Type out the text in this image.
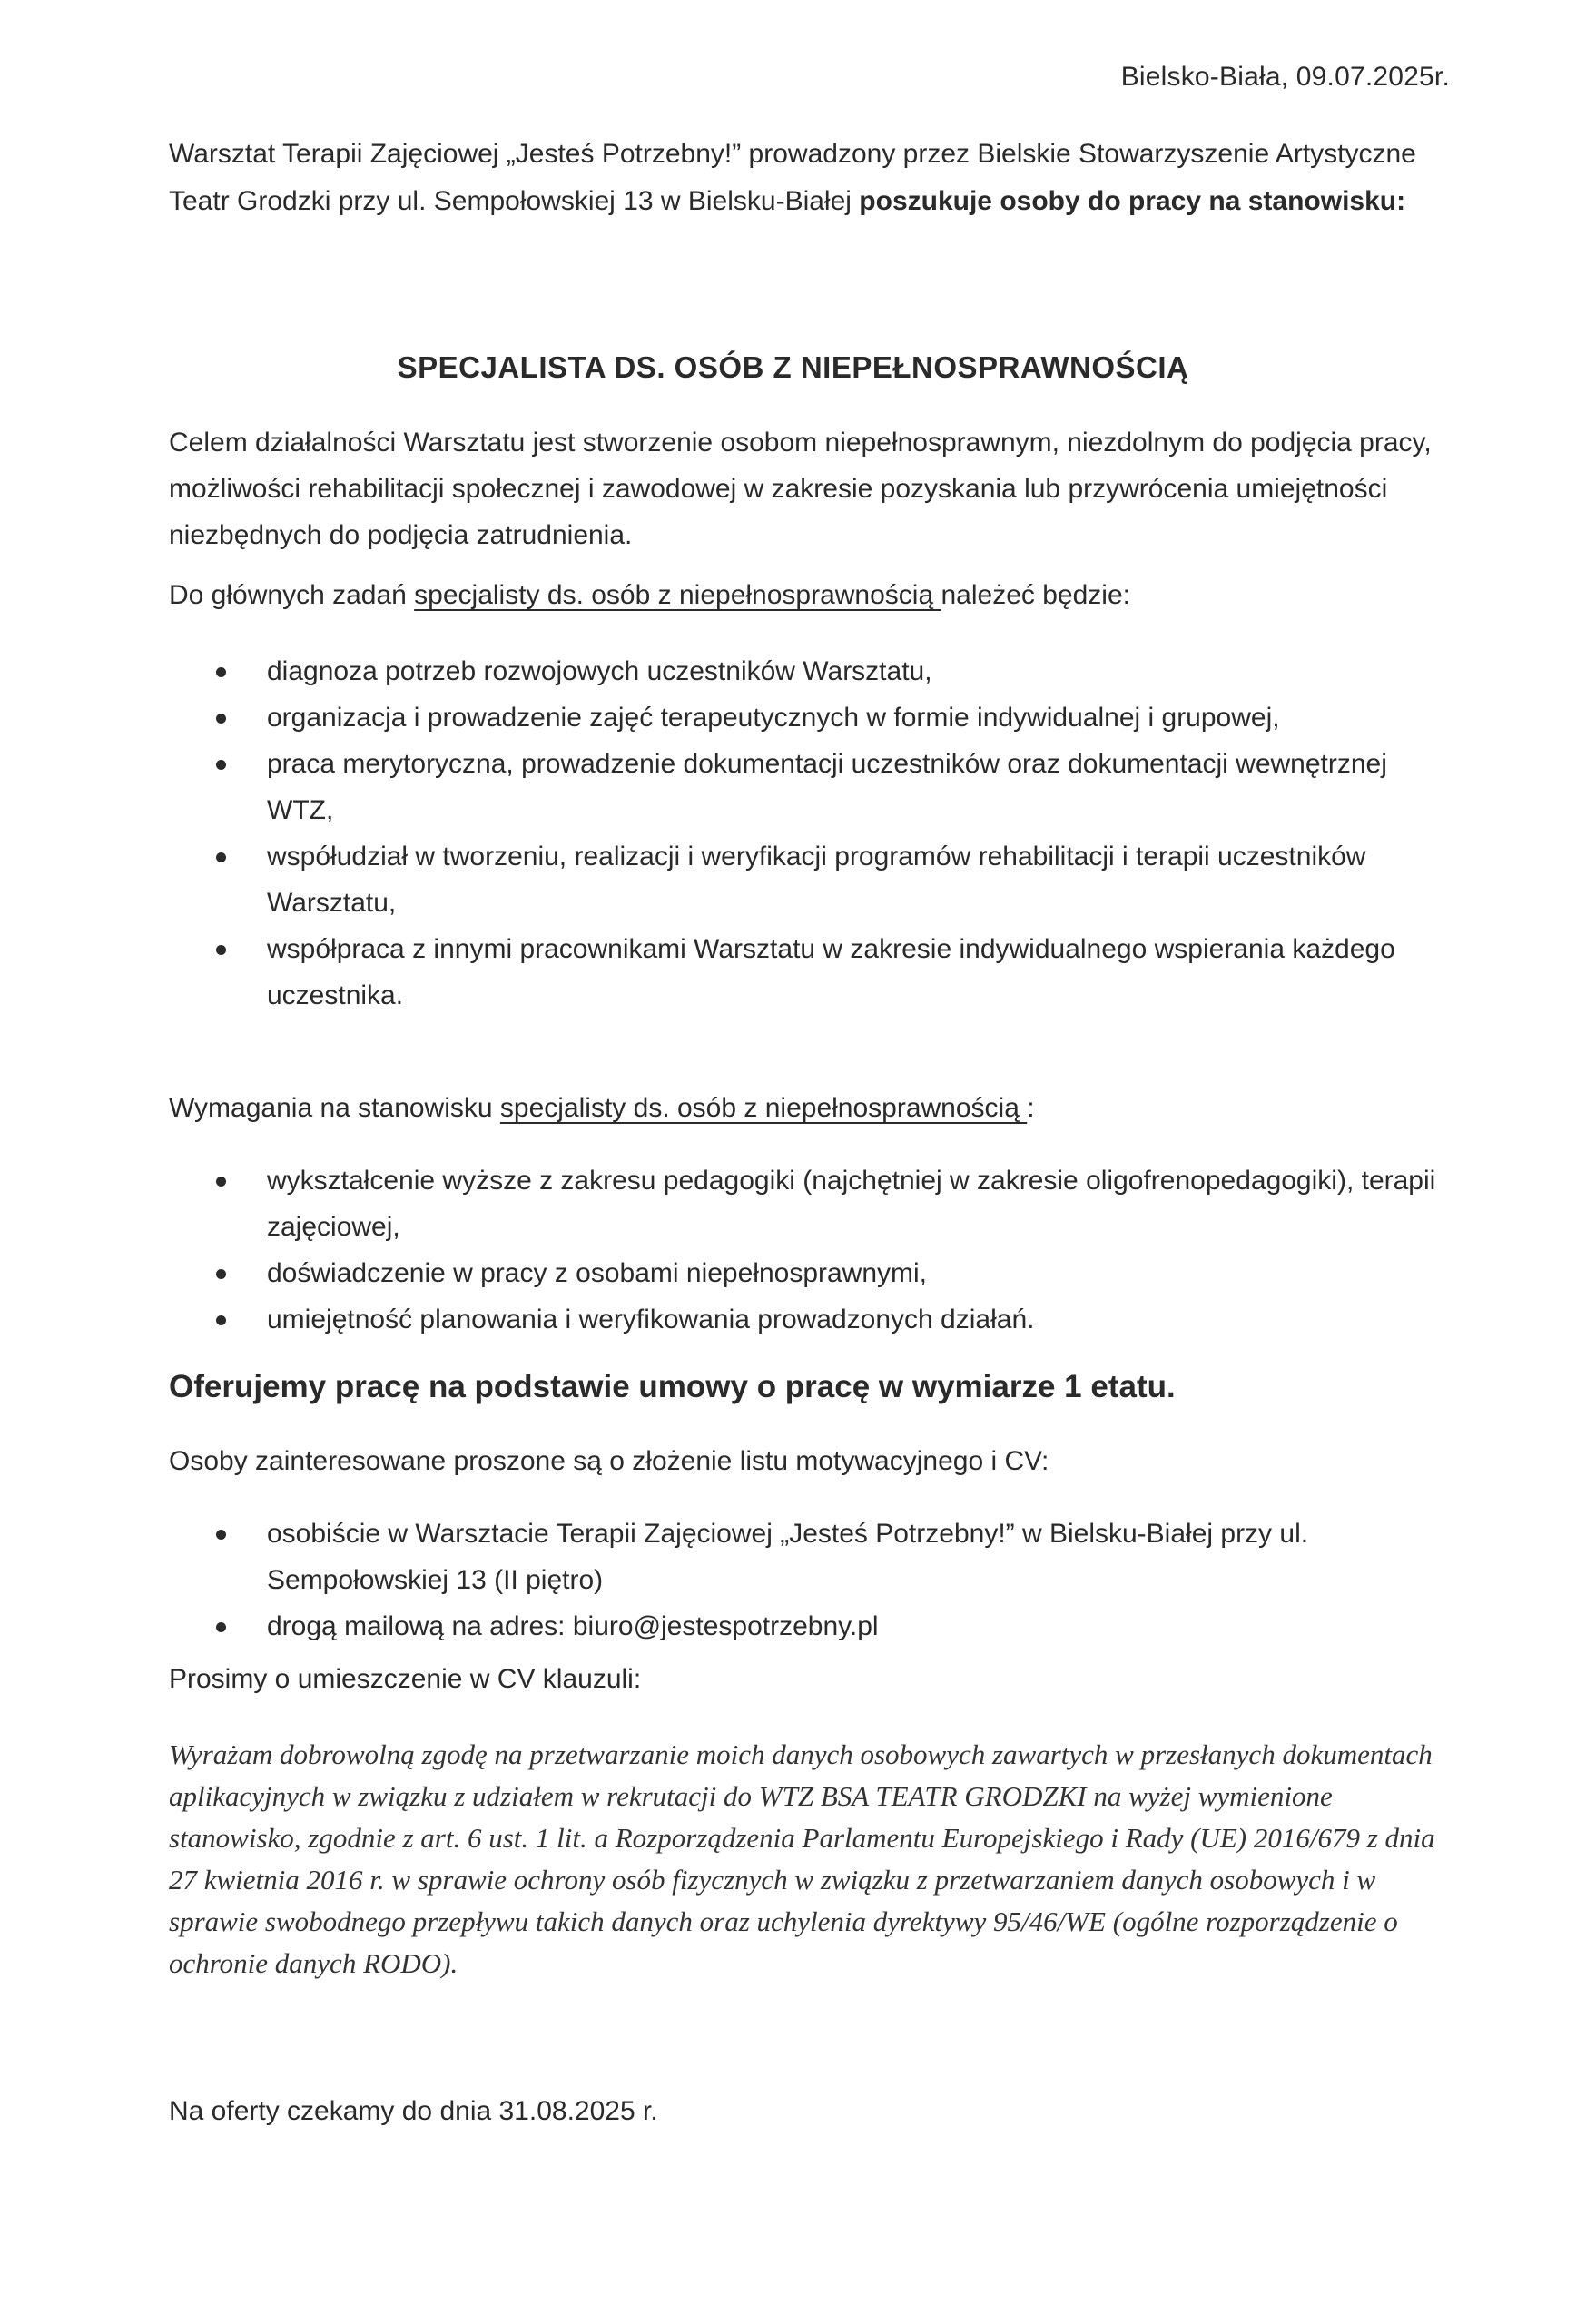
Bielsko-Biała, 09.07.2025r.
Warsztat Terapii Zajęciowej „Jesteś Potrzebny!” prowadzony przez Bielskie Stowarzyszenie Artystyczne Teatr Grodzki przy ul. Sempołowskiej 13 w Bielsku-Białej poszukuje osoby do pracy na stanowisku:
SPECJALISTA DS. OSÓB Z NIEPEŁNOSPRAWNOŚCIĄ
Celem działalności Warsztatu jest stworzenie osobom niepełnosprawnym, niezdolnym do podjęcia pracy, możliwości rehabilitacji społecznej i zawodowej w zakresie pozyskania lub przywrócenia umiejętności niezbędnych do podjęcia zatrudnienia.
Do głównych zadań specjalisty ds. osób z niepełnosprawnością należeć będzie:
diagnoza potrzeb rozwojowych uczestników Warsztatu,
organizacja i prowadzenie zajęć terapeutycznych w formie indywidualnej i grupowej,
praca merytoryczna, prowadzenie dokumentacji uczestników oraz dokumentacji wewnętrznej WTZ,
współudział w tworzeniu, realizacji i weryfikacji programów rehabilitacji i terapii uczestników Warsztatu,
współpraca z innymi pracownikami Warsztatu w zakresie indywidualnego wspierania każdego uczestnika.
Wymagania na stanowisku specjalisty ds. osób z niepełnosprawnością :
wykształcenie wyższe z zakresu pedagogiki (najchętniej w zakresie oligofrenopedagogiki), terapii zajęciowej,
doświadczenie w pracy z osobami niepełnosprawnymi,
umiejętność planowania i weryfikowania prowadzonych działań.
Oferujemy pracę na podstawie umowy o pracę w wymiarze 1 etatu.
Osoby zainteresowane proszone są o złożenie listu motywacyjnego i CV:
osobiście w Warsztacie Terapii Zajęciowej „Jesteś Potrzebny!” w Bielsku-Białej przy ul. Sempołowskiej 13 (II piętro)
drogą mailową na adres: biuro@jestespotrzebny.pl
Prosimy o umieszczenie w CV klauzuli:
Wyrażam dobrowolną zgodę na przetwarzanie moich danych osobowych zawartych w przesłanych dokumentach aplikacyjnych w związku z udziałem w rekrutacji do WTZ BSA TEATR GRODZKI na wyżej wymienione stanowisko, zgodnie z art. 6 ust. 1 lit. a Rozporządzenia Parlamentu Europejskiego i Rady (UE) 2016/679 z dnia 27 kwietnia 2016 r. w sprawie ochrony osób fizycznych w związku z przetwarzaniem danych osobowych i w sprawie swobodnego przepływu takich danych oraz uchylenia dyrektywy 95/46/WE (ogólne rozporządzenie o ochronie danych RODO).
Na oferty czekamy do dnia 31.08.2025 r.
